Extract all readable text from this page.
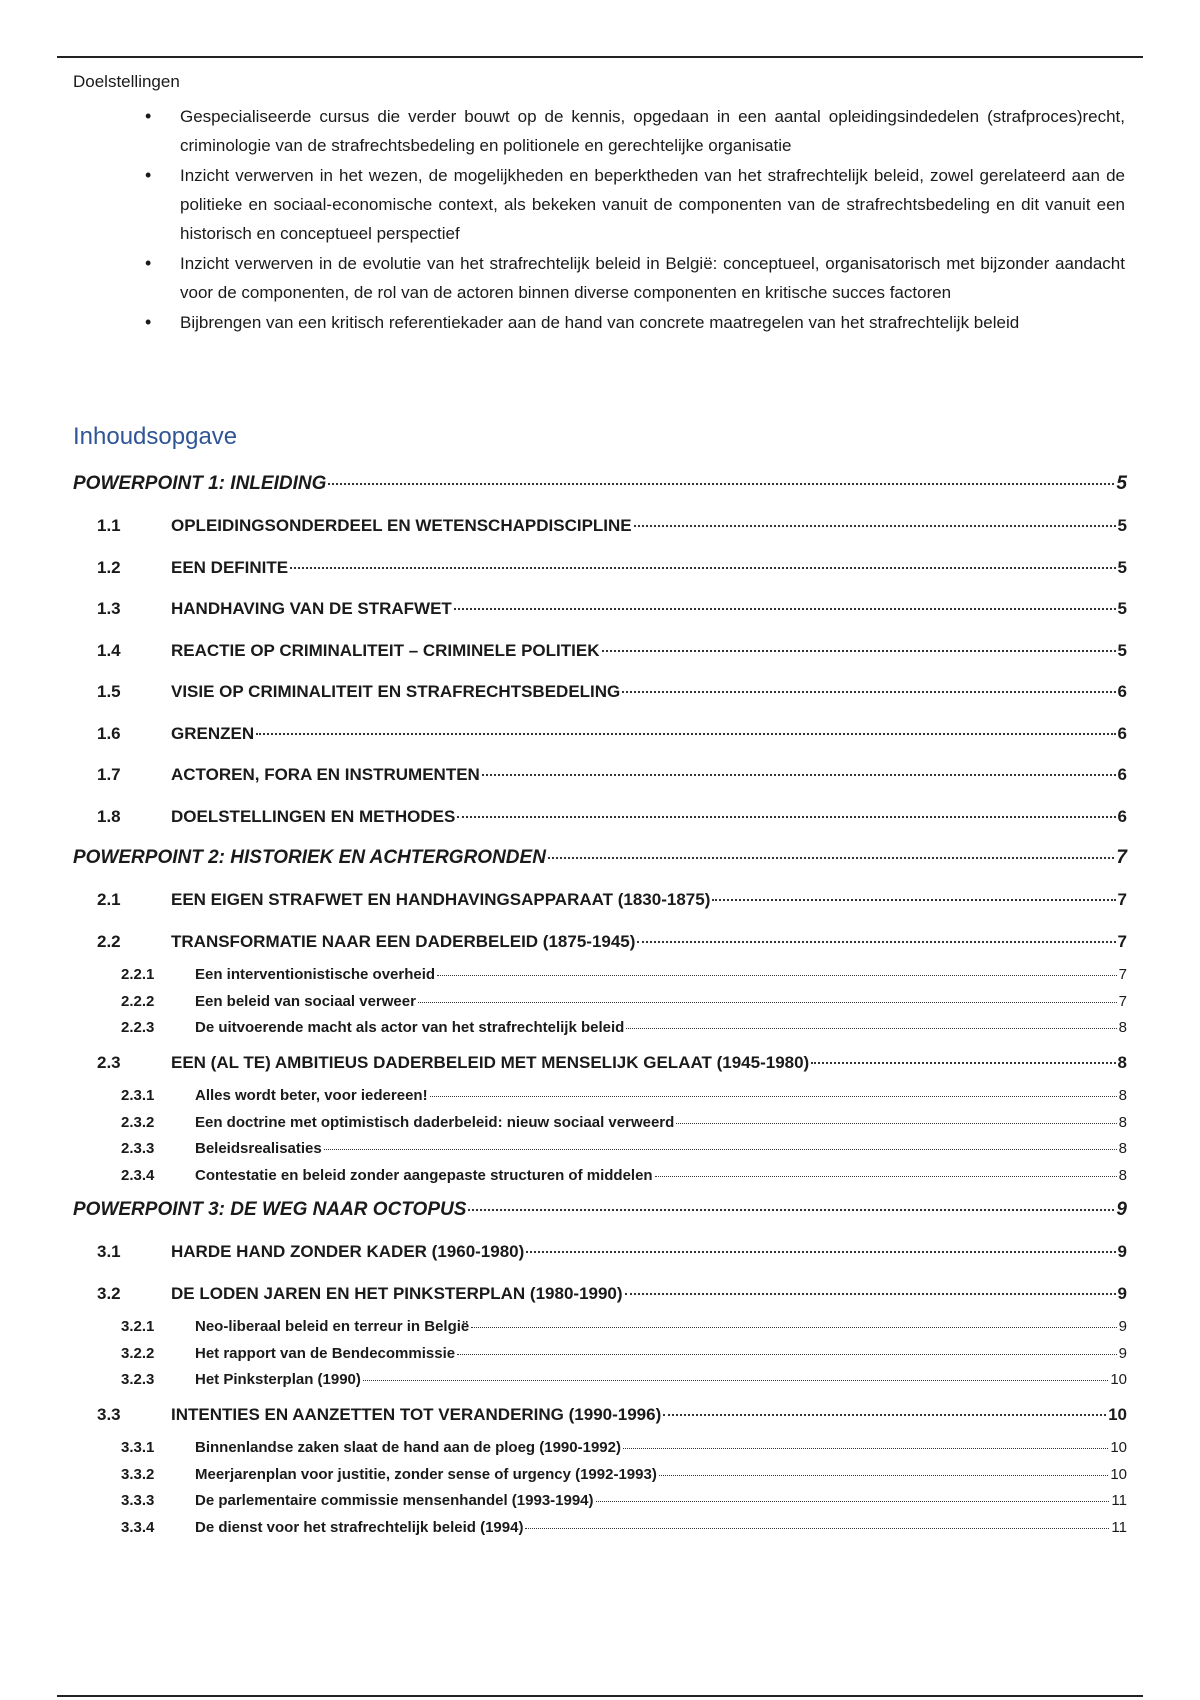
Doelstellingen
• Gespecialiseerde cursus die verder bouwt op de kennis, opgedaan in een aantal opleidingsindedelen (strafproces)recht, criminologie van de strafrechtsbedeling en politionele en gerechtelijke organisatie
• Inzicht verwerven in het wezen, de mogelijkheden en beperktheden van het strafrechtelijk beleid, zowel gerelateerd aan de politieke en sociaal-economische context, als bekeken vanuit de componenten van de strafrechtsbedeling en dit vanuit een historisch en conceptueel perspectief
• Inzicht verwerven in de evolutie van het strafrechtelijk beleid in België: conceptueel, organisatorisch met bijzonder aandacht voor de componenten, de rol van de actoren binnen diverse componenten en kritische succes factoren
• Bijbrengen van een kritisch referentiekader aan de hand van concrete maatregelen van het strafrechtelijk beleid
Inhoudsopgave
POWERPOINT 1: INLEIDING	5
1.1	OPLEIDINGSONDERDEEL EN WETENSCHAPDISCIPLINE	5
1.2	EEN DEFINITE	5
1.3	HANDHAVING VAN DE STRAFWET	5
1.4	REACTIE OP CRIMINALITEIT – CRIMINELE POLITIEK	5
1.5	VISIE OP CRIMINALITEIT EN STRAFRECHTSBEDELING	6
1.6	GRENZEN	6
1.7	ACTOREN, FORA EN INSTRUMENTEN	6
1.8	DOELSTELLINGEN EN METHODES	6
POWERPOINT 2: HISTORIEK EN ACHTERGRONDEN	7
2.1	EEN EIGEN STRAFWET EN HANDHAVINGSAPPARAAT (1830-1875)	7
2.2	TRANSFORMATIE NAAR EEN DADERBELEID (1875-1945)	7
2.2.1	Een interventionistische overheid	7
2.2.2	Een beleid van sociaal verweer	7
2.2.3	De uitvoerende macht als actor van het strafrechtelijk beleid	8
2.3	EEN (AL TE) AMBITIEUS DADERBELEID MET MENSELIJK GELAAT (1945-1980)	8
2.3.1	Alles wordt beter, voor iedereen!	8
2.3.2	Een doctrine met optimistisch daderbeleid: nieuw sociaal verweerd	8
2.3.3	Beleidsrealisaties	8
2.3.4	Contestatie en beleid zonder aangepaste structuren of middelen	8
POWERPOINT 3: DE WEG NAAR OCTOPUS	9
3.1	HARDE HAND ZONDER KADER (1960-1980)	9
3.2	DE LODEN JAREN EN HET PINKSTERPLAN (1980-1990)	9
3.2.1	Neo-liberaal beleid en terreur in België	9
3.2.2	Het rapport van de Bendecommissie	9
3.2.3	Het Pinksterplan (1990)	10
3.3	INTENTIES EN AANZETTEN TOT VERANDERING (1990-1996)	10
3.3.1	Binnenlandse zaken slaat de hand aan de ploeg (1990-1992)	10
3.3.2	Meerjarenplan voor justitie, zonder sense of urgency (1992-1993)	10
3.3.3	De parlementaire commissie mensenhandel (1993-1994)	11
3.3.4	De dienst voor het strafrechtelijk beleid (1994)	11
